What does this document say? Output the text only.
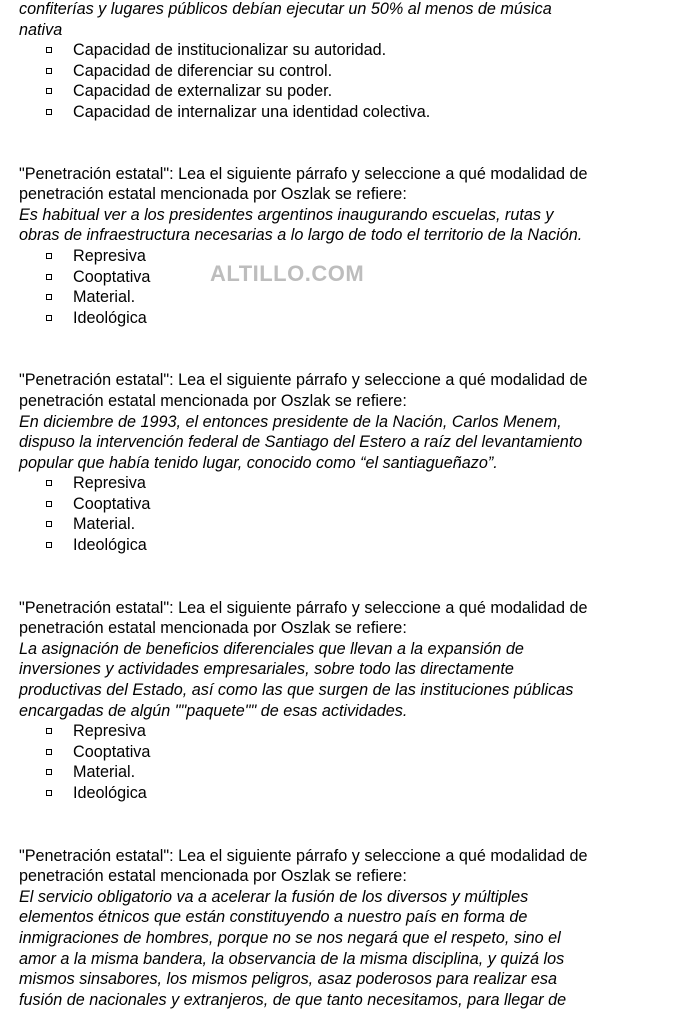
confiterías y lugares públicos debían ejecutar un 50% al menos de música
nativa
Capacidad de institucionalizar su autoridad.
Capacidad de diferenciar su control.
Capacidad de externalizar su poder.
Capacidad de internalizar una identidad colectiva.
"Penetración estatal": Lea el siguiente párrafo y seleccione a qué modalidad de
penetración estatal mencionada por Oszlak se refiere:
Es habitual ver a los presidentes argentinos inaugurando escuelas, rutas y
obras de infraestructura necesarias a lo largo de todo el territorio de la Nación.
Represiva
Cooptativa
Material.
Ideológica
"Penetración estatal": Lea el siguiente párrafo y seleccione a qué modalidad de
penetración estatal mencionada por Oszlak se refiere:
En diciembre de 1993, el entonces presidente de la Nación, Carlos Menem,
dispuso la intervención federal de Santiago del Estero a raíz del levantamiento
popular que había tenido lugar, conocido como “el santiagueñazo”.
Represiva
Cooptativa
Material.
Ideológica
"Penetración estatal": Lea el siguiente párrafo y seleccione a qué modalidad de
penetración estatal mencionada por Oszlak se refiere:
La asignación de beneficios diferenciales que llevan a la expansión de
inversiones y actividades empresariales, sobre todo las directamente
productivas del Estado, así como las que surgen de las instituciones públicas
encargadas de algún ""paquete"" de esas actividades.
Represiva
Cooptativa
Material.
Ideológica
"Penetración estatal": Lea el siguiente párrafo y seleccione a qué modalidad de
penetración estatal mencionada por Oszlak se refiere:
El servicio obligatorio va a acelerar la fusión de los diversos y múltiples
elementos étnicos que están constituyendo a nuestro país en forma de
inmigraciones de hombres, porque no se nos negará que el respeto, sino el
amor a la misma bandera, la observancia de la misma disciplina, y quizá los
mismos sinsabores, los mismos peligros, asaz poderosos para realizar esa
fusión de nacionales y extranjeros, de que tanto necesitamos, para llegar de
ALTILLO.COM
